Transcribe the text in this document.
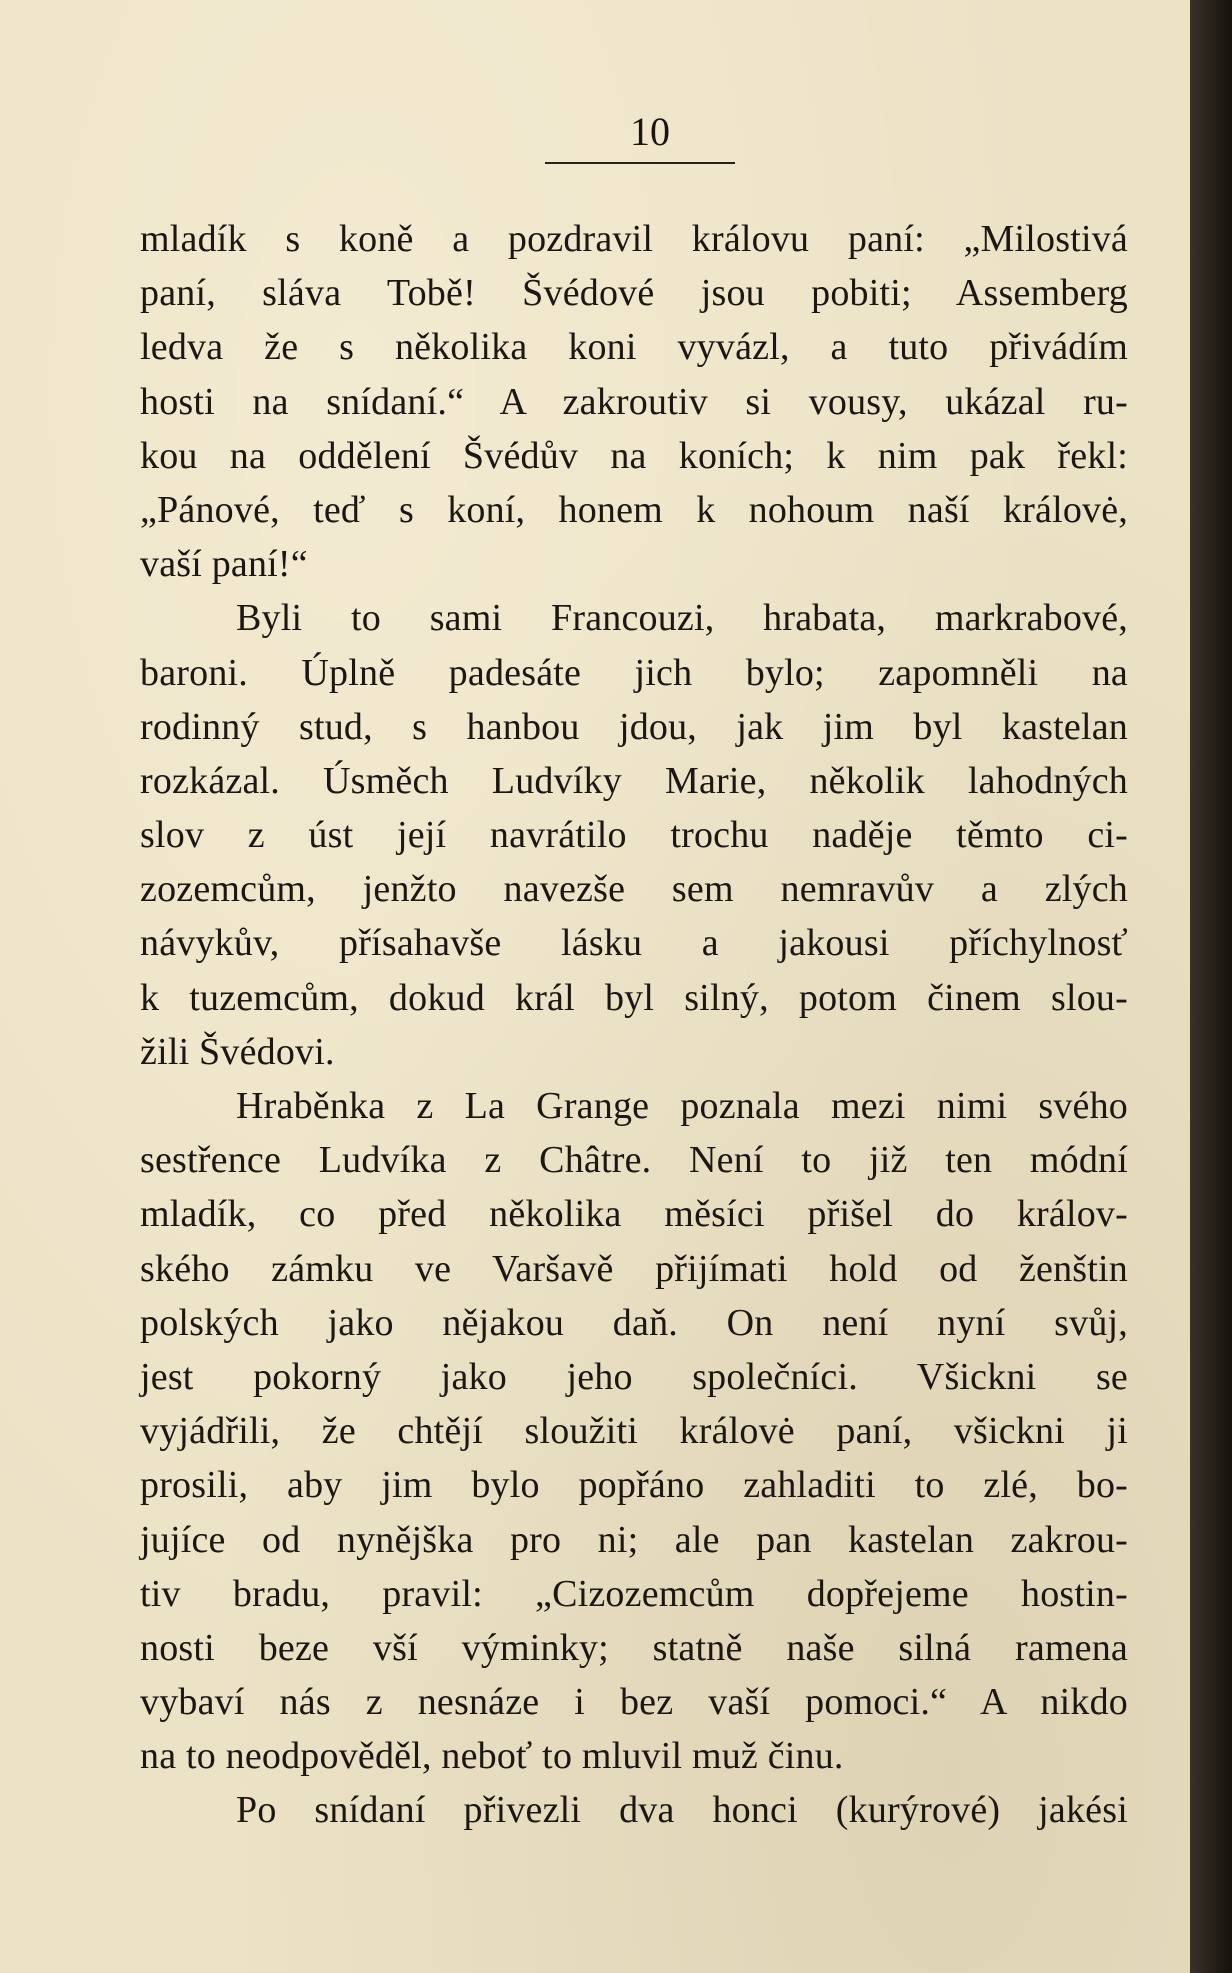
10
mladík s koně a pozdravil královu paní: „Milostivá
paní, sláva Tobě! Švédové jsou pobiti; Assemberg
ledva že s několika koni vyvázl, a tuto přivádím
hosti na snídaní.“ A zakroutiv si vousy, ukázal ru-
kou na oddělení Švédův na koních; k nim pak řekl:
„Pánové, teď s koní, honem k nohoum naší královė,
vaší paní!“
Byli to sami Francouzi, hrabata, markrabové,
baroni. Úplně padesáte jich bylo; zapomněli na
rodinný stud, s hanbou jdou, jak jim byl kastelan
rozkázal. Úsměch Ludvíky Marie, několik lahodných
slov z úst její navrátilo trochu naděje těmto ci-
zozemcům, jenžto navezše sem nemravův a zlých
návykův, přísahavše lásku a jakousi příchylnosť
k tuzemcům, dokud král byl silný, potom činem slou-
žili Švédovi.
Hraběnka z La Grange poznala mezi nimi svého
sestřence Ludvíka z Châtre. Není to již ten módní
mladík, co před několika měsíci přišel do králov-
ského zámku ve Varšavě přijímati hold od ženštin
polských jako nějakou daň. On není nyní svůj,
jest pokorný jako jeho společníci. Všickni se
vyjádřili, že chtějí sloužiti královė paní, všickni ji
prosili, aby jim bylo popřáno zahladiti to zlé, bo-
jujíce od nynějška pro ni; ale pan kastelan zakrou-
tiv bradu, pravil: „Cizozemcům dopřejeme hostin-
nosti beze vší výminky; statně naše silná ramena
vybaví nás z nesnáze i bez vaší pomoci.“ A nikdo
na to neodpověděl, neboť to mluvil muž činu.
Po snídaní přivezli dva honci (kurýrové) jakési
